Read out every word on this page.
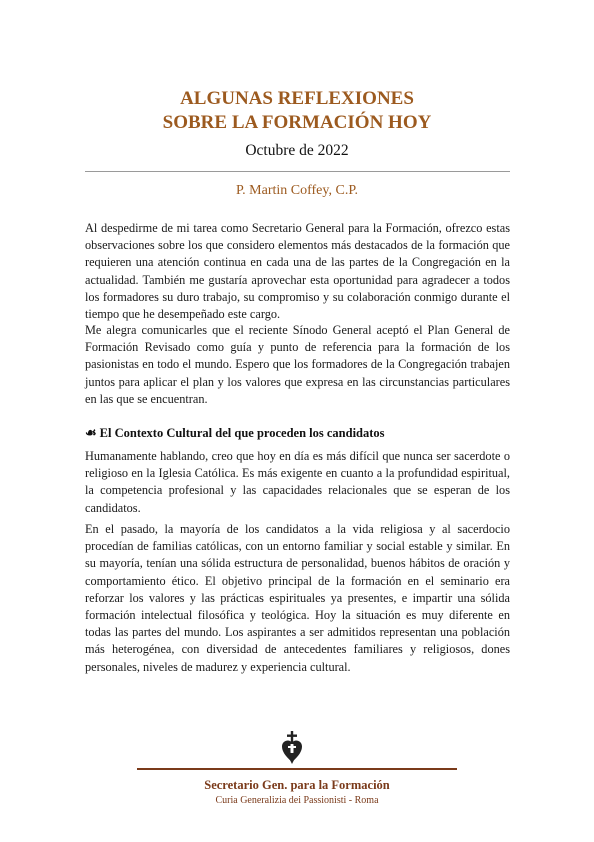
ALGUNAS REFLEXIONES
SOBRE LA FORMACIÓN HOY
Octubre de 2022
P. Martin Coffey, C.P.

Al despedirme de mi tarea como Secretario General para la Formación, ofrezco estas observaciones sobre los que considero elementos más destacados de la formación que requieren una atención continua en cada una de las partes de la Congregación en la actualidad. También me gustaría aprovechar esta oportunidad para agradecer a todos los formadores su duro trabajo, su compromiso y su colaboración conmigo durante el tiempo que he desempeñado este cargo.

Me alegra comunicarles que el reciente Sínodo General aceptó el Plan General de Formación Revisado como guía y punto de referencia para la formación de los pasionistas en todo el mundo. Espero que los formadores de la Congregación trabajen juntos para aplicar el plan y los valores que expresa en las circunstancias particulares en las que se encuentran.

☙ El Contexto Cultural del que proceden los candidatos

Humanamente hablando, creo que hoy en día es más difícil que nunca ser sacerdote o religioso en la Iglesia Católica. Es más exigente en cuanto a la profundidad espiritual, la competencia profesional y las capacidades relacionales que se esperan de los candidatos.

En el pasado, la mayoría de los candidatos a la vida religiosa y al sacerdocio procedían de familias católicas, con un entorno familiar y social estable y similar. En su mayoría, tenían una sólida estructura de personalidad, buenos hábitos de oración y comportamiento ético. El objetivo principal de la formación en el seminario era reforzar los valores y las prácticas espirituales ya presentes, e impartir una sólida formación intelectual filosófica y teológica. Hoy la situación es muy diferente en todas las partes del mundo. Los aspirantes a ser admitidos representan una población más heterogénea, con diversidad de antecedentes familiares y religiosos, dones personales, niveles de madurez y experiencia cultural.

Secretario Gen. para la Formación
Curia Generalizia dei Passionisti - Roma
